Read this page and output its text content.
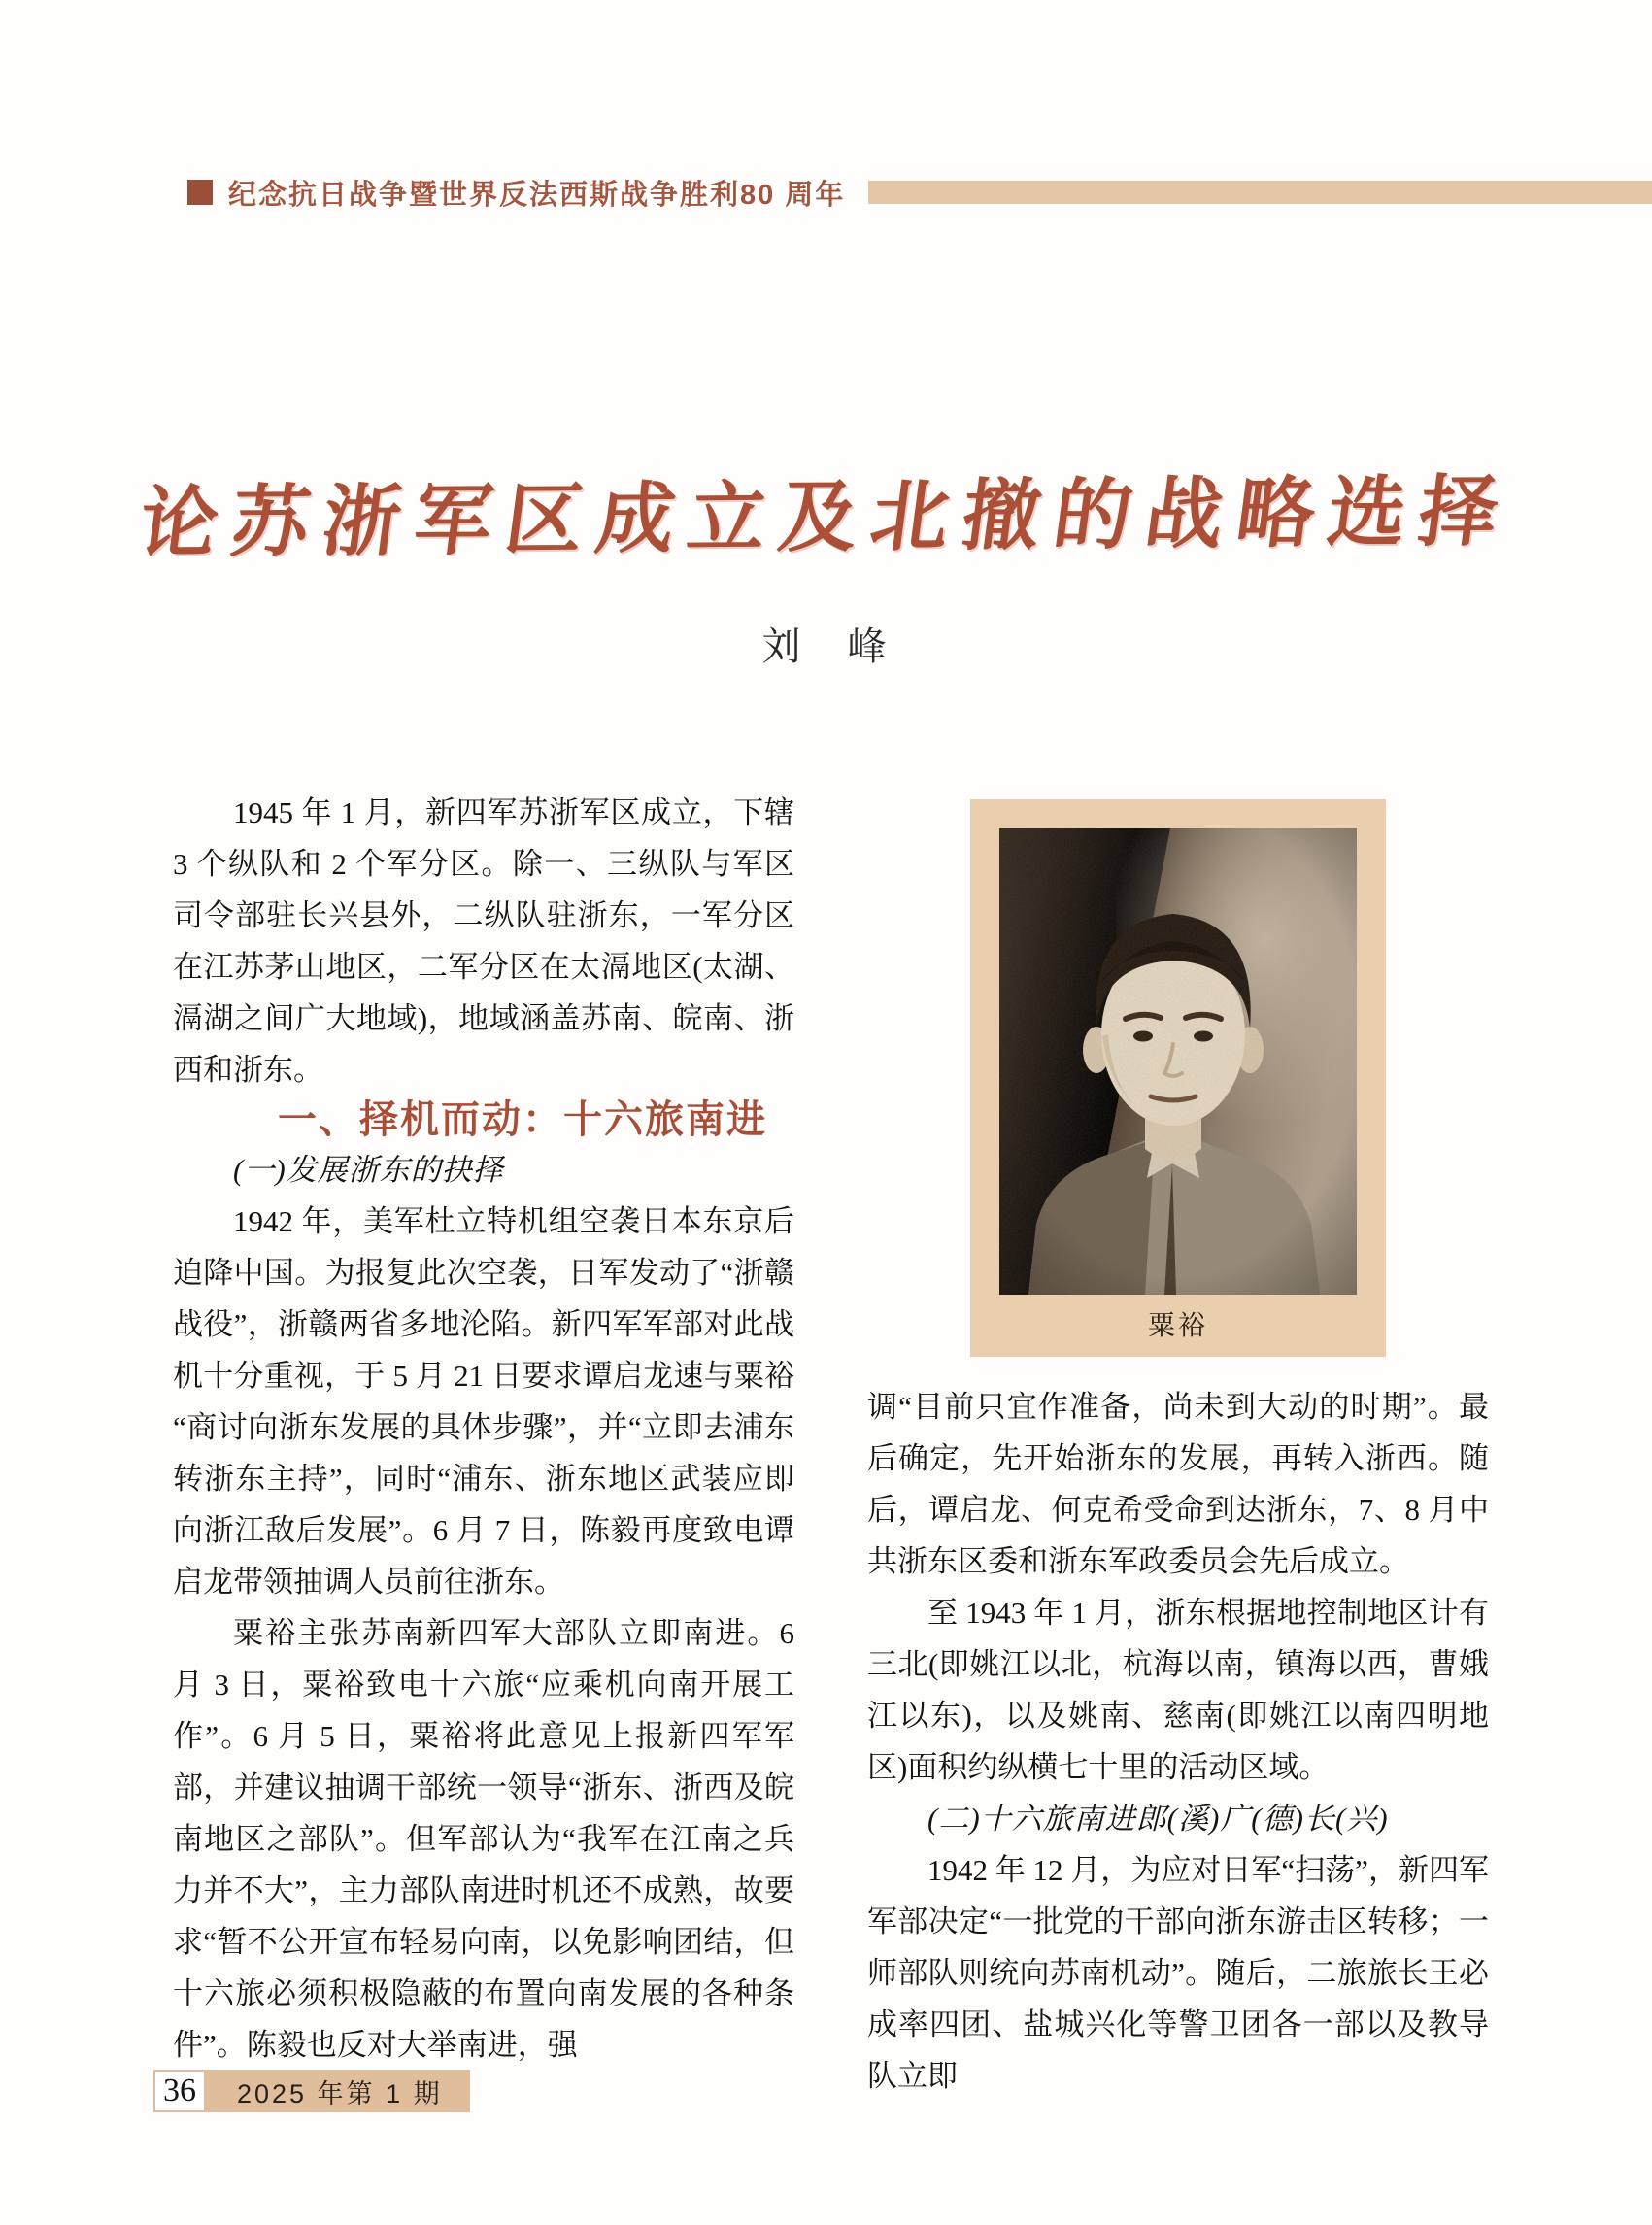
纪念抗日战争暨世界反法西斯战争胜利80 周年
论苏浙军区成立及北撤的战略选择
刘　峰

1945 年 1 月，新四军苏浙军区成立，下辖 3 个纵队和 2 个军分区。除一、三纵队与军区司令部驻长兴县外，二纵队驻浙东，一军分区在江苏茅山地区，二军分区在太滆地区(太湖、滆湖之间广大地域)，地域涵盖苏南、皖南、浙西和浙东。

一、择机而动：十六旅南进

(一)发展浙东的抉择

1942 年，美军杜立特机组空袭日本东京后迫降中国。为报复此次空袭，日军发动了“浙赣战役”，浙赣两省多地沦陷。新四军军部对此战机十分重视，于 5 月 21 日要求谭启龙速与粟裕“商讨向浙东发展的具体步骤”，并“立即去浦东转浙东主持”，同时“浦东、浙东地区武装应即向浙江敌后发展”。6 月 7 日，陈毅再度致电谭启龙带领抽调人员前往浙东。

粟裕主张苏南新四军大部队立即南进。6 月 3 日，粟裕致电十六旅“应乘机向南开展工作”。6 月 5 日，粟裕将此意见上报新四军军部，并建议抽调干部统一领导“浙东、浙西及皖南地区之部队”。但军部认为“我军在江南之兵力并不大”，主力部队南进时机还不成熟，故要求“暂不公开宣布轻易向南，以免影响团结，但十六旅必须积极隐蔽的布置向南发展的各种条件”。陈毅也反对大举南进，强

粟裕

调“目前只宜作准备，尚未到大动的时期”。最后确定，先开始浙东的发展，再转入浙西。随后，谭启龙、何克希受命到达浙东，7、8 月中共浙东区委和浙东军政委员会先后成立。

至 1943 年 1 月，浙东根据地控制地区计有三北(即姚江以北，杭海以南，镇海以西，曹娥江以东)，以及姚南、慈南(即姚江以南四明地区)面积约纵横七十里的活动区域。

(二)十六旅南进郎(溪)广(德)长(兴)

1942 年 12 月，为应对日军“扫荡”，新四军军部决定“一批党的干部向浙东游击区转移；一师部队则统向苏南机动”。随后，二旅旅长王必成率四团、盐城兴化等警卫团各一部以及教导队立即

36	2025 年第 1 期
